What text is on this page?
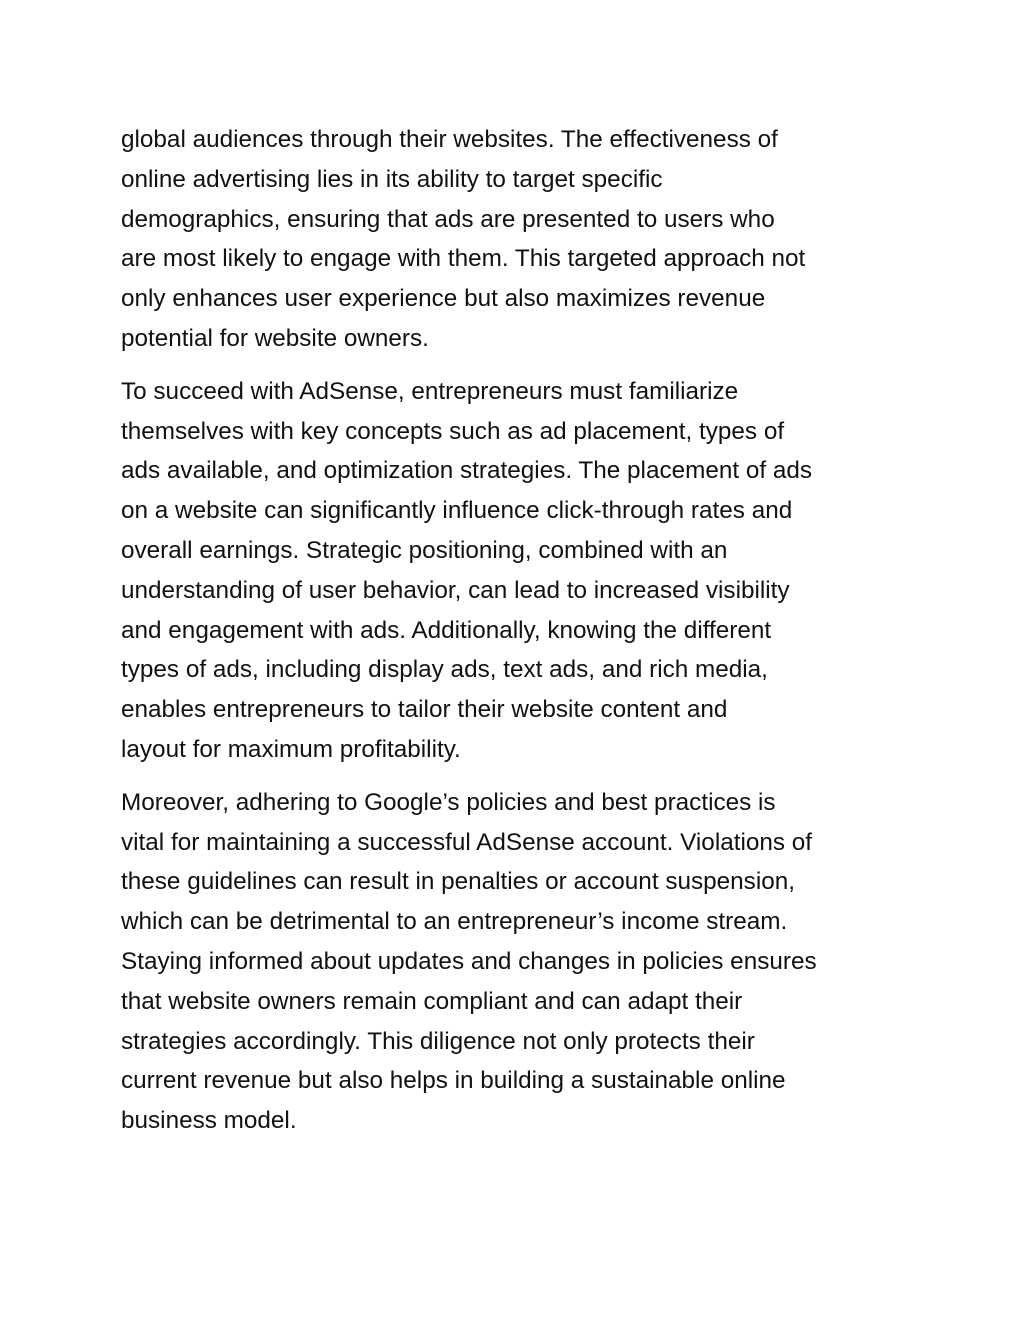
global audiences through their websites. The effectiveness of
online advertising lies in its ability to target specific
demographics, ensuring that ads are presented to users who
are most likely to engage with them. This targeted approach not
only enhances user experience but also maximizes revenue
potential for website owners.

To succeed with AdSense, entrepreneurs must familiarize
themselves with key concepts such as ad placement, types of
ads available, and optimization strategies. The placement of ads
on a website can significantly influence click-through rates and
overall earnings. Strategic positioning, combined with an
understanding of user behavior, can lead to increased visibility
and engagement with ads. Additionally, knowing the different
types of ads, including display ads, text ads, and rich media,
enables entrepreneurs to tailor their website content and
layout for maximum profitability.

Moreover, adhering to Google’s policies and best practices is
vital for maintaining a successful AdSense account. Violations of
these guidelines can result in penalties or account suspension,
which can be detrimental to an entrepreneur’s income stream.
Staying informed about updates and changes in policies ensures
that website owners remain compliant and can adapt their
strategies accordingly. This diligence not only protects their
current revenue but also helps in building a sustainable online
business model.
